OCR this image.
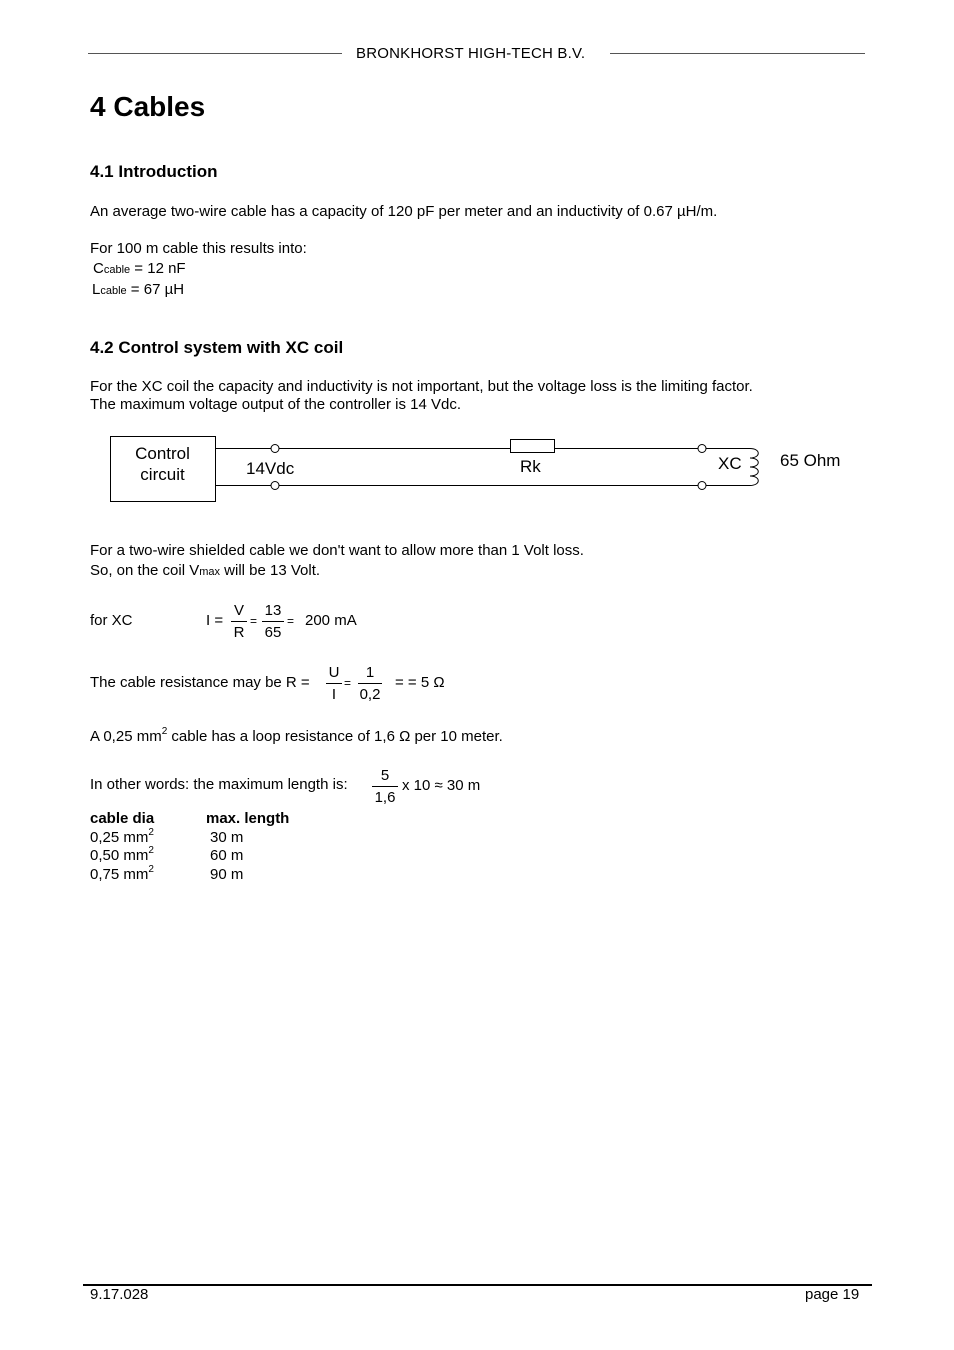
BRONKHORST HIGH-TECH B.V.
4 Cables
4.1 Introduction
An average two-wire cable has a capacity of 120 pF per meter and an inductivity of 0.67 µH/m.
For 100 m cable this results into:
Ccable = 12 nF
Lcable = 67 µH
4.2 Control system with XC coil
For the XC coil the capacity and inductivity is not important, but the voltage loss is the limiting factor.
The maximum voltage output of the controller is 14 Vdc.
Control
circuit	14Vdc	Rk	XC 65 Ohm
For a two-wire shielded cable we don't want to allow more than 1 Volt loss.
So, on the coil Vmax will be 13 Volt.
for XC	I =
V
R
=
13
65
= 200 mA
The cable resistance may be R =
U
I
=
1
0,2
= = 5 Ω
A 0,25 $mm^2$ cable has a loop resistance of 1,6 Ω per 10 meter.
In other words: the maximum length is:
5
1,6
x 10 ≈ 30 m
cable dia	max. length
0,25 $mm^2$	30 m
0,50 $mm^2$	60 m
0,75 $mm^2$	90 m
9.17.028	page 19
